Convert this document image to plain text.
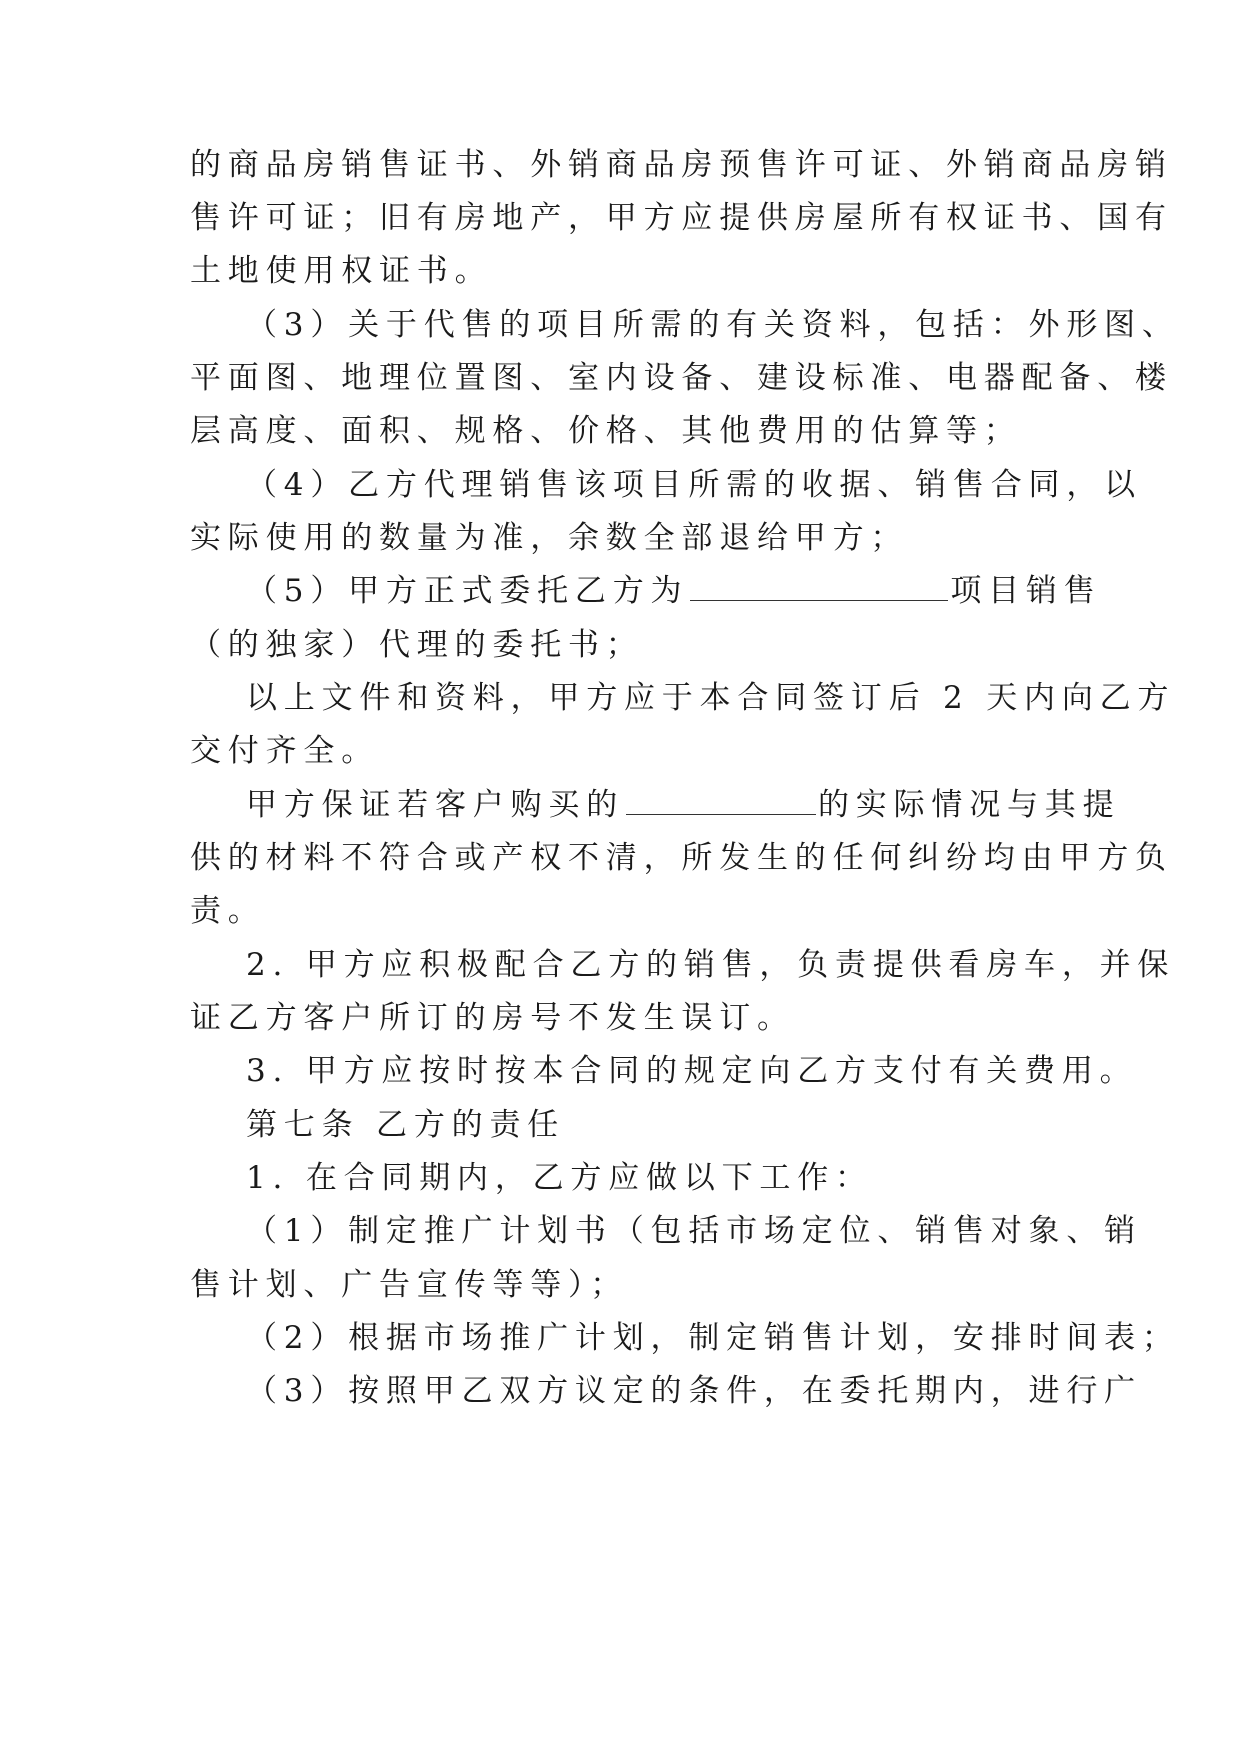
的商品房销售证书、外销商品房预售许可证、外销商品房销
售许可证；旧有房地产，甲方应提供房屋所有权证书、国有
土地使用权证书。
（3）关于代售的项目所需的有关资料，包括：外形图、
平面图、地理位置图、室内设备、建设标准、电器配备、楼
层高度、面积、规格、价格、其他费用的估算等；
（4）乙方代理销售该项目所需的收据、销售合同，以
实际使用的数量为准，余数全部退给甲方；
（5）甲方正式委托乙方为	项目销售
（的独家）代理的委托书；
以上文件和资料，甲方应于本合同签订后 2 天内向乙方
交付齐全。
甲方保证若客户购买的	的实际情况与其提
供的材料不符合或产权不清，所发生的任何纠纷均由甲方负
责。
2. 甲方应积极配合乙方的销售，负责提供看房车，并保
证乙方客户所订的房号不发生误订。
3. 甲方应按时按本合同的规定向乙方支付有关费用。
第七条 乙方的责任
1. 在合同期内，乙方应做以下工作：
（1）制定推广计划书（包括市场定位、销售对象、销
售计划、广告宣传等等）；
（2）根据市场推广计划，制定销售计划，安排时间表；
（3）按照甲乙双方议定的条件，在委托期内，进行广
